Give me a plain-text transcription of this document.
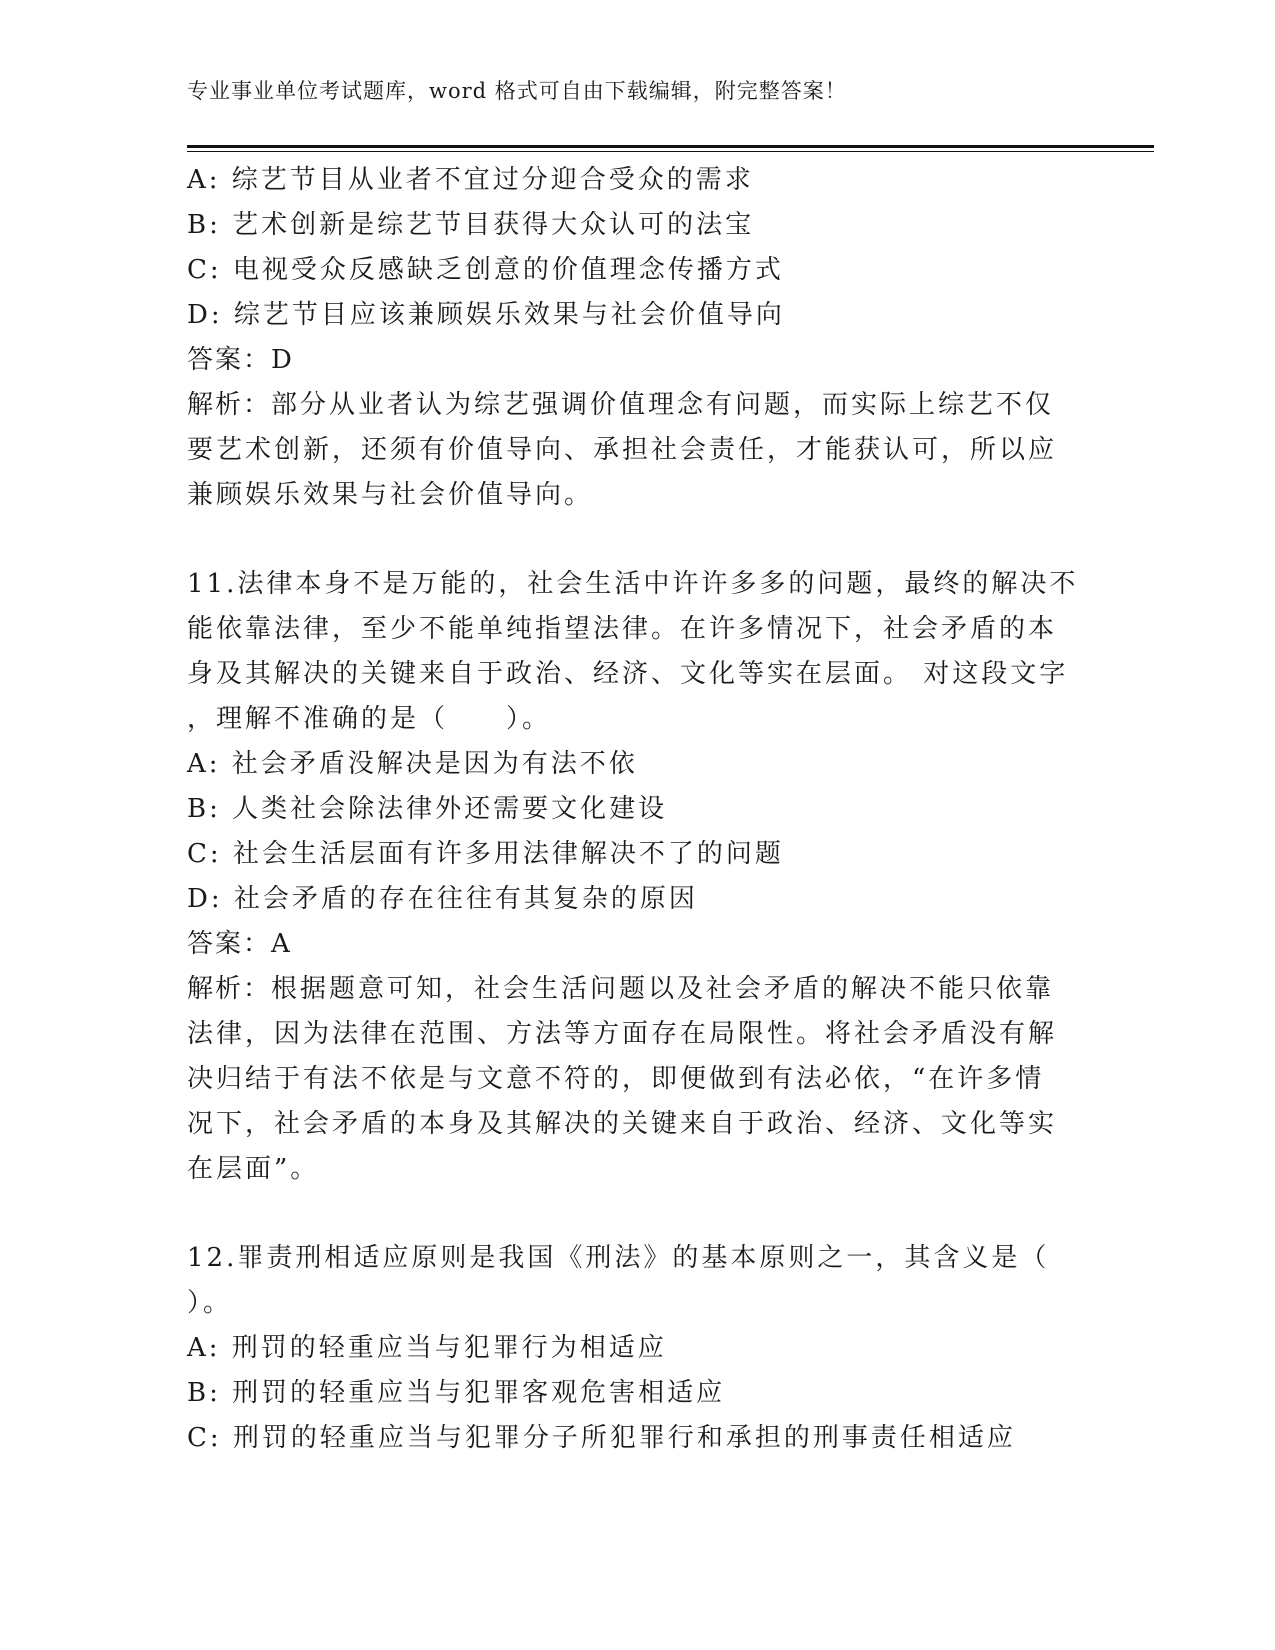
专业事业单位考试题库，word 格式可自由下载编辑，附完整答案！
A: 综艺节目从业者不宜过分迎合受众的需求
B: 艺术创新是综艺节目获得大众认可的法宝
C: 电视受众反感缺乏创意的价值理念传播方式
D: 综艺节目应该兼顾娱乐效果与社会价值导向
答案：D
解析：部分从业者认为综艺强调价值理念有问题，而实际上综艺不仅
要艺术创新，还须有价值导向、承担社会责任，才能获认可，所以应
兼顾娱乐效果与社会价值导向。
11.法律本身不是万能的，社会生活中许许多多的问题，最终的解决不
能依靠法律，至少不能单纯指望法律。在许多情况下，社会矛盾的本
身及其解决的关键来自于政治、经济、文化等实在层面。 对这段文字
，理解不准确的是（　　）。
A: 社会矛盾没解决是因为有法不依
B: 人类社会除法律外还需要文化建设
C: 社会生活层面有许多用法律解决不了的问题
D: 社会矛盾的存在往往有其复杂的原因
答案：A
解析：根据题意可知，社会生活问题以及社会矛盾的解决不能只依靠
法律，因为法律在范围、方法等方面存在局限性。将社会矛盾没有解
决归结于有法不依是与文意不符的，即便做到有法必依，“在许多情
况下，社会矛盾的本身及其解决的关键来自于政治、经济、文化等实
在层面”。
12.罪责刑相适应原则是我国《刑法》的基本原则之一，其含义是（
）。
A: 刑罚的轻重应当与犯罪行为相适应
B: 刑罚的轻重应当与犯罪客观危害相适应
C: 刑罚的轻重应当与犯罪分子所犯罪行和承担的刑事责任相适应
